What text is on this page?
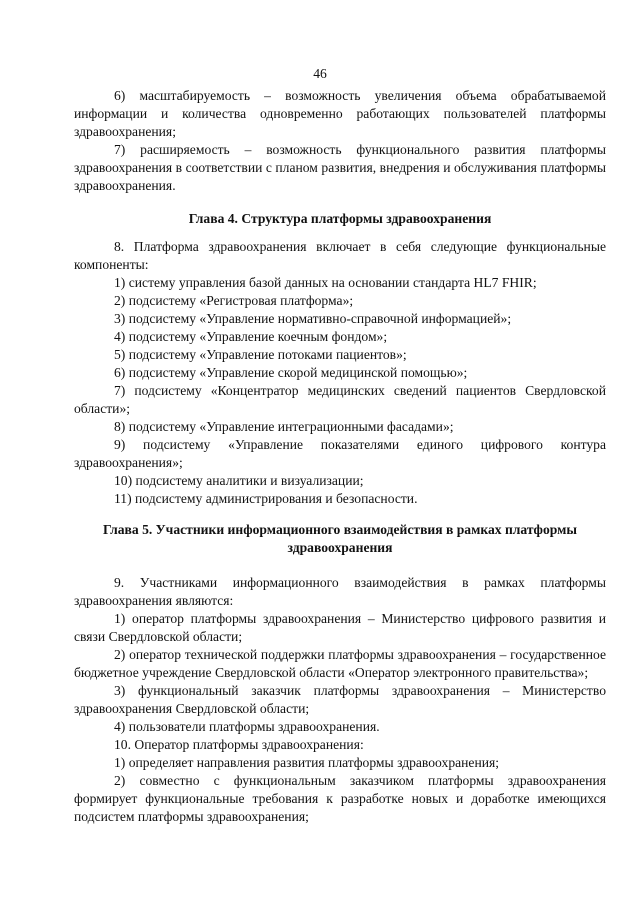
46

6) масштабируемость – возможность увеличения объема обрабатываемой информации и количества одновременно работающих пользователей платформы здравоохранения;

7) расширяемость – возможность функционального развития платформы здравоохранения в соответствии с планом развития, внедрения и обслуживания платформы здравоохранения.

Глава 4. Структура платформы здравоохранения

8. Платформа здравоохранения включает в себя следующие функциональные компоненты:

1) систему управления базой данных на основании стандарта HL7 FHIR;

2) подсистему «Регистровая платформа»;

3) подсистему «Управление нормативно-справочной информацией»;

4) подсистему «Управление коечным фондом»;

5) подсистему «Управление потоками пациентов»;

6) подсистему «Управление скорой медицинской помощью»;

7) подсистему «Концентратор медицинских сведений пациентов Свердловской области»;

8) подсистему «Управление интеграционными фасадами»;

9) подсистему «Управление показателями единого цифрового контура здравоохранения»;

10) подсистему аналитики и визуализации;

11) подсистему администрирования и безопасности.

Глава 5. Участники информационного взаимодействия в рамках платформы

здравоохранения

9. Участниками информационного взаимодействия в рамках платформы здравоохранения являются:

1) оператор платформы здравоохранения – Министерство цифрового развития и связи Свердловской области;

2) оператор технической поддержки платформы здравоохранения – государственное бюджетное учреждение Свердловской области «Оператор электронного правительства»;

3) функциональный заказчик платформы здравоохранения – Министерство здравоохранения Свердловской области;

4) пользователи платформы здравоохранения.

10. Оператор платформы здравоохранения:

1) определяет направления развития платформы здравоохранения;

2) совместно с функциональным заказчиком платформы здравоохранения формирует функциональные требования к разработке новых и доработке имеющихся подсистем платформы здравоохранения;
